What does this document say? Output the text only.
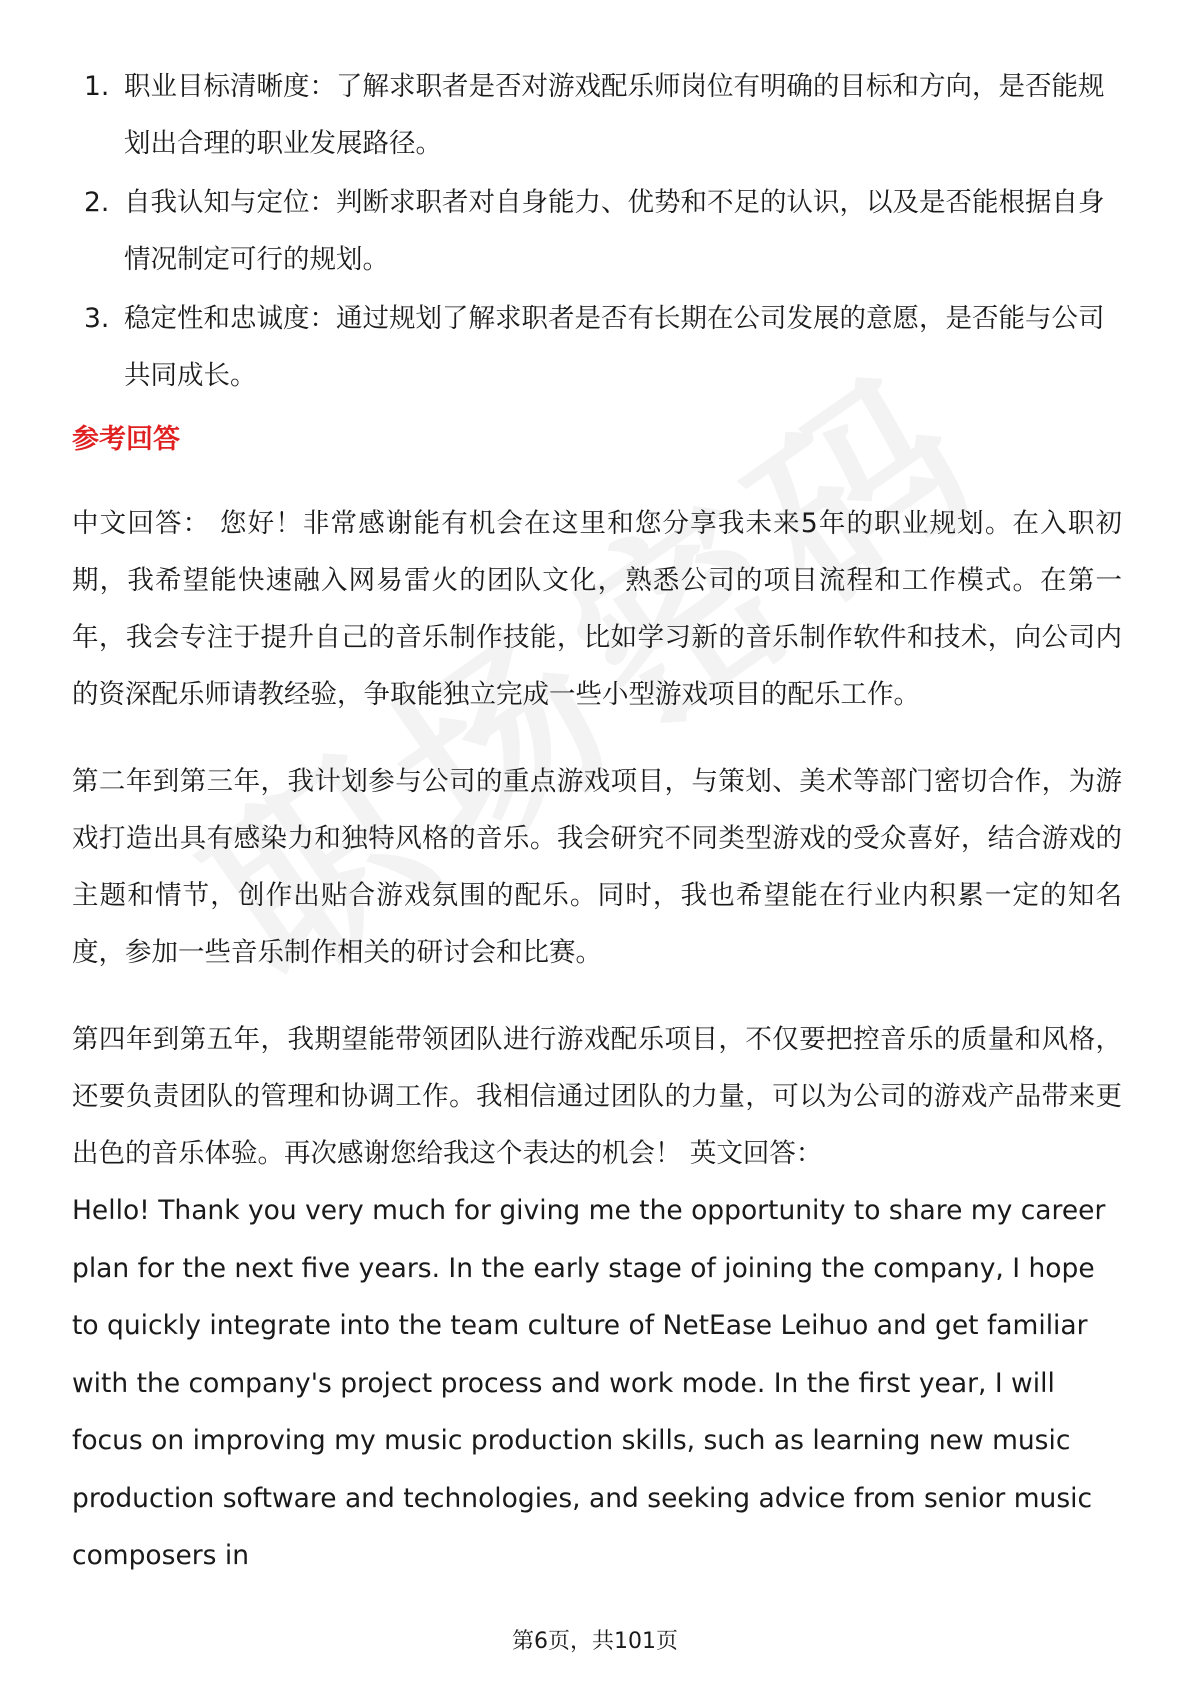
1. 职业目标清晰度：了解求职者是否对游戏配乐师岗位有明确的目标和方向，是否能规划出合理的职业发展路径。
2. 自我认知与定位：判断求职者对自身能力、优势和不足的认识，以及是否能根据自身情况制定可行的规划。
3. 稳定性和忠诚度：通过规划了解求职者是否有长期在公司发展的意愿，是否能与公司共同成长。
参考回答

中文回答： 您好！非常感谢能有机会在这里和您分享我未来5年的职业规划。在入职初期，我希望能快速融入网易雷火的团队文化，熟悉公司的项目流程和工作模式。在第一年，我会专注于提升自己的音乐制作技能，比如学习新的音乐制作软件和技术，向公司内的资深配乐师请教经验，争取能独立完成一些小型游戏项目的配乐工作。

第二年到第三年，我计划参与公司的重点游戏项目，与策划、美术等部门密切合作，为游戏打造出具有感染力和独特风格的音乐。我会研究不同类型游戏的受众喜好，结合游戏的主题和情节，创作出贴合游戏氛围的配乐。同时，我也希望能在行业内积累一定的知名度，参加一些音乐制作相关的研讨会和比赛。

第四年到第五年，我期望能带领团队进行游戏配乐项目，不仅要把控音乐的质量和风格，还要负责团队的管理和协调工作。我相信通过团队的力量，可以为公司的游戏产品带来更出色的音乐体验。再次感谢您给我这个表达的机会！ 英文回答：

Hello! Thank you very much for giving me the opportunity to share my career plan for the next five years. In the early stage of joining the company, I hope to quickly integrate into the team culture of NetEase Leihuo and get familiar with the company's project process and work mode. In the first year, I will focus on improving my music production skills, such as learning new music production software and technologies, and seeking advice from senior music composers in

第6页，共101页
